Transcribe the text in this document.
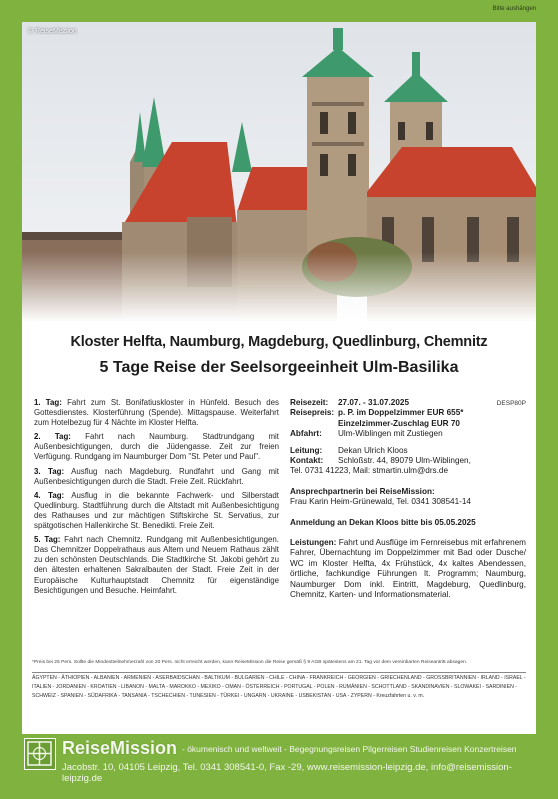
Bitte aushängen
© ReiseMission
Kloster Helfta, Naumburg, Magdeburg, Quedlinburg, Chemnitz
5 Tage Reise der Seelsorgeeinheit Ulm-Basilika

1. Tag: Fahrt zum St. Bonifatiuskloster in Hünfeld. Besuch des Gottesdienstes. Klosterführung (Spende). Mittagspause. Weiterfahrt zum Hotelbezug für 4 Nächte im Kloster Helfta.

2. Tag: Fahrt nach Naumburg. Stadtrundgang mit Außenbesichtigungen, durch die Jüdengasse. Zeit zur freien Verfügung. Rundgang im Naumburger Dom "St. Peter und Paul".

3. Tag: Ausflug nach Magdeburg. Rundfahrt und Gang mit Außenbesichtigungen durch die Stadt. Freie Zeit. Rückfahrt.

4. Tag: Ausflug in die bekannte Fachwerk- und Silberstadt Quedlinburg. Stadtführung durch die Altstadt mit Außenbesichtigung des Rathauses und zur mächtigen Stiftskirche St. Servatius, zur spätgotischen Hallenkirche St. Benedikti. Freie Zeit.

5. Tag: Fahrt nach Chemnitz. Rundgang mit Außenbesichtigungen. Das Chemnitzer Doppelrathaus aus Altem und Neuem Rathaus zählt zu den schönsten Deutschlands. Die Stadtkirche St. Jakobi gehört zu den ältesten erhaltenen Sakralbauten der Stadt. Freie Zeit in der Europäische Kulturhauptstadt Chemnitz für eigenständige Besichtigungen und Besuche. Heimfahrt.

DESP80P
Reisezeit:	27.07. - 31.07.2025
Reisepreis: p. P. im Doppelzimmer EUR 655*
Einzelzimmer-Zuschlag EUR 70
Abfahrt:	Ulm-Wiblingen mit Zustiegen
Leitung:	Dekan Ulrich Kloos
Kontakt:	Schloßstr. 44, 89079 Ulm-Wiblingen,
Tel. 0731 41223, Mail: stmartin.ulm@drs.de
Ansprechpartnerin bei ReiseMission:
Frau Karin Heim-Grünewald, Tel. 0341 308541-14
Anmeldung an Dekan Kloos bitte bis 05.05.2025
Leistungen: Fahrt und Ausflüge im Fernreisebus mit erfahrenem Fahrer, Übernachtung im Doppelzimmer mit Bad oder Dusche/ WC im Kloster Helfta, 4x Frühstück, 4x kaltes Abendessen, örtliche, fachkundige Führungen lt. Programm; Naumburg, Naumburger Dom inkl. Eintritt, Magdeburg, Quedlinburg, Chemnitz, Karten- und Informationsmaterial.
*Preis bei 25 Pers. Sollte die Mindestteilnehmerzahl von 20 Pers. nicht erreicht werden, kann ReiseMission die Reise gemäß § 9 AGB spätestens am 21. Tag vor dem vereinbarten Reiseantritt absagen.
ÄGYPTEN - ÄTHIOPIEN - ALBANIEN - ARMENIEN - ASERBAIDSCHAN - BALTIKUM - BULGARIEN - CHILE - CHINA - FRANKREICH - GEORGIEN - GRIECHENLAND - GROSSBRITANNIEN - IRLAND - ISRAEL - ITALIEN - JORDANIEN - KROATIEN - LIBANON - MALTA - MAROKKO - MEXIKO - OMAN - ÖSTERREICH - PORTUGAL - POLEN - RUMÄNIEN - SCHOTTLAND - SKANDINAVIEN - SLOWAKEI - SARDINIEN - SCHWEIZ - SPANIEN - SÜDAFRIKA - TANSANIA - TSCHECHIEN - TUNESIEN - TÜRKEI - UNGARN - UKRAINE - USBEKISTAN - USA - ZYPERN - Kreuzfahrten u. v. m.
ReiseMission - ökumenisch und weltweit - Begegnungsreisen Pilgerreisen Studienreisen Konzertreisen
Jacobstr. 10, 04105 Leipzig, Tel. 0341 308541-0, Fax -29, www.reisemission-leipzig.de, info@reisemission-leipzig.de
